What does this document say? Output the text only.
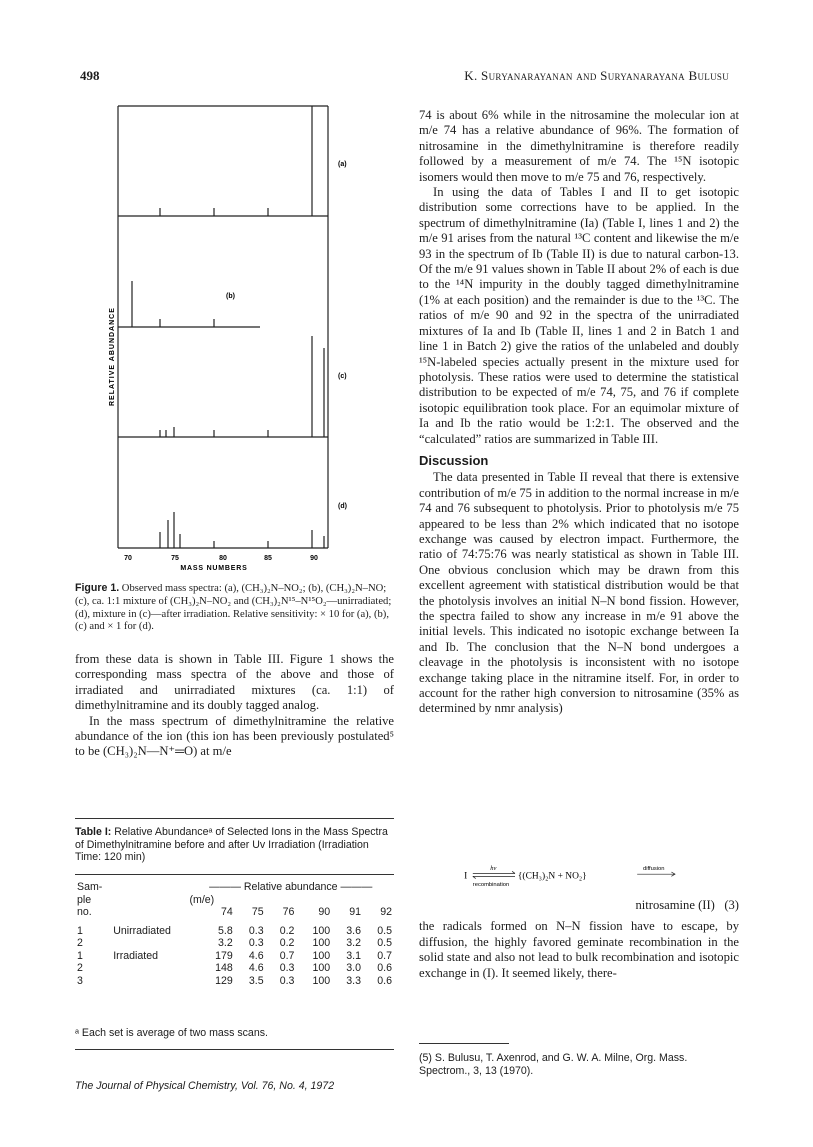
498	K. Suryanarayanan and Suryanarayana Bulusu
(a)
(b)
(c)
(d)
RELATIVE ABUNDANCE
70	75	80	85	90
MASS NUMBERS
Figure 1. Observed mass spectra: (a), (CH₃)₂N–NO₂; (b), (CH₃)₂N–NO; (c), ca. 1:1 mixture of (CH₃)₂N–NO₂ and (CH₃)₂N¹⁵–N¹⁵O₂—unirradiated; (d), mixture in (c)—after irradiation. Relative sensitivity: × 10 for (a), (b), (c) and × 1 for (d).

from these data is shown in Table III. Figure 1 shows the corresponding mass spectra of the above and those of irradiated and unirradiated mixtures (ca. 1:1) of dimethylnitramine and its doubly tagged analog.

In the mass spectrum of dimethylnitramine the relative abundance of the ion (this ion has been previously postulated⁵ to be (CH₃)₂N—N⁺═O) at m/e

Table I: Relative Abundanceᵃ of Selected Ions in the Mass Spectra of Dimethylnitramine before and after Uv Irradiation (Irradiation Time: 120 min)
Sam-		——— Relative abundance ———					
ple		(m/e)					
no.		74	75	76	90	91	92

1	Unirradiated	5.8	0.3	0.2	100	3.6	0.5
2		3.2	0.3	0.2	100	3.2	0.5
1	Irradiated	179	4.6	0.7	100	3.1	0.7
2		148	4.6	0.3	100	3.0	0.6
3		129	3.5	0.3	100	3.3	0.6
ᵃ Each set is average of two mass scans.
The Journal of Physical Chemistry, Vol. 76, No. 4, 1972

74 is about 6% while in the nitrosamine the molecular ion at m/e 74 has a relative abundance of 96%. The formation of nitrosamine in the dimethylnitramine is therefore readily followed by a measurement of m/e 74. The ¹⁵N isotopic isomers would then move to m/e 75 and 76, respectively.

In using the data of Tables I and II to get isotopic distribution some corrections have to be applied. In the spectrum of dimethylnitramine (Ia) (Table I, lines 1 and 2) the m/e 91 arises from the natural ¹³C content and likewise the m/e 93 in the spectrum of Ib (Table II) is due to natural carbon-13. Of the m/e 91 values shown in Table II about 2% of each is due to the ¹⁴N impurity in the doubly tagged dimethylnitramine (1% at each position) and the remainder is due to the ¹³C. The ratios of m/e 90 and 92 in the spectra of the unirradiated mixtures of Ia and Ib (Table II, lines 1 and 2 in Batch 1 and line 1 in Batch 2) give the ratios of the unlabeled and doubly ¹⁵N-labeled species actually present in the mixture used for photolysis. These ratios were used to determine the statistical distribution to be expected of m/e 74, 75, and 76 if complete isotopic equilibration took place. For an equimolar mixture of Ia and Ib the ratio would be 1:2:1. The observed and the “calculated” ratios are summarized in Table III.

Discussion

The data presented in Table II reveal that there is extensive contribution of m/e 75 in addition to the normal increase in m/e 74 and 76 subsequent to photolysis. Prior to photolysis m/e 75 appeared to be less than 2% which indicated that no isotope exchange was caused by electron impact. Furthermore, the ratio of 74:75:76 was nearly statistical as shown in Table III. One obvious conclusion which may be drawn from this excellent agreement with statistical distribution would be that the photolysis involves an initial N–N bond fission. However, the spectra failed to show any increase in m/e 91 above the initial levels. This indicated no isotopic exchange between Ia and Ib. The conclusion that the N–N bond undergoes a cleavage in the photolysis is inconsistent with no isotope exchange taking place in the nitramine itself. For, in order to account for the rather high conversion to nitrosamine (35% as determined by nmr analysis)

I
hν
recombination
{(CH₃)₂N + NO₂}
diffusion

nitrosamine (II) (3)

the radicals formed on N–N fission have to escape, by diffusion, the highly favored geminate recombination in the solid state and also not lead to bulk recombination and isotopic exchange in (I). It seemed likely, there-

(5) S. Bulusu, T. Axenrod, and G. W. A. Milne, Org. Mass. Spectrom., 3, 13 (1970).
